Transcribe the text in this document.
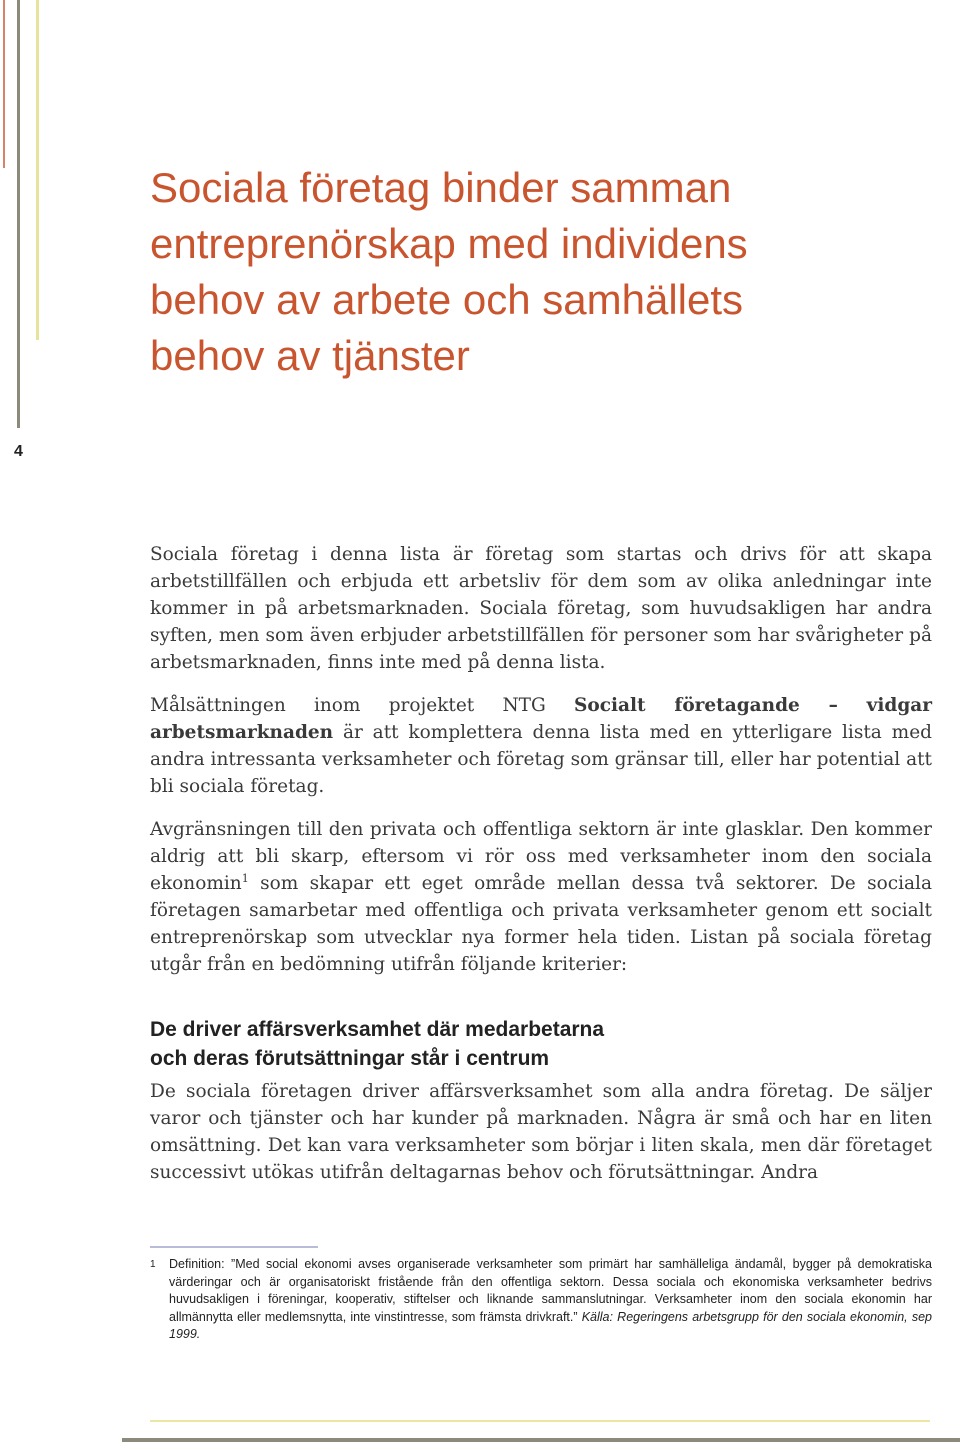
4
Sociala företag binder samman
entreprenörskap med individens
behov av arbete och samhällets
behov av tjänster

Sociala företag i denna lista är företag som startas och drivs för att skapa arbetstillfällen och erbjuda ett arbetsliv för dem som av olika anledningar inte kommer in på arbetsmarknaden. Sociala företag, som huvudsakligen har andra syften, men som även erbjuder arbetstillfällen för personer som har svårigheter på arbetsmarknaden, finns inte med på denna lista.

Målsättningen inom projektet NTG Socialt företagande – vidgar arbetsmarknaden är att komplettera denna lista med en ytterligare lista med andra intressanta verksamheter och företag som gränsar till, eller har potential att bli sociala företag.

Avgränsningen till den privata och offentliga sektorn är inte glasklar. Den kommer aldrig att bli skarp, eftersom vi rör oss med verksamheter inom den sociala ekonomin$^1$ som skapar ett eget område mellan dessa två sektorer. De sociala företagen samarbetar med offentliga och privata verksamheter genom ett socialt entreprenörskap som utvecklar nya former hela tiden. Listan på sociala företag utgår från en bedömning utifrån följande kriterier:

De driver affärsverksamhet där medarbetarna
och deras förutsättningar står i centrum

De sociala företagen driver affärsverksamhet som alla andra företag. De säljer varor och tjänster och har kunder på marknaden. Några är små och har en liten omsättning. Det kan vara verksamheter som börjar i liten skala, men där företaget successivt utökas utifrån deltagarnas behov och förutsättningar. Andra

1 Definition: ”Med social ekonomi avses organiserade verksamheter som primärt har samhälleliga ändamål, bygger på demokratiska värderingar och är organisatoriskt fristående från den offentliga sektorn. Dessa sociala och ekonomiska verksamheter bedrivs huvudsakligen i föreningar, kooperativ, stiftelser och liknande sammanslutningar. Verksamheter inom den sociala ekonomin har allmännytta eller medlemsnytta, inte vinstintresse, som främsta drivkraft.” Källa: Regeringens arbetsgrupp för den sociala ekonomin, sep 1999.
